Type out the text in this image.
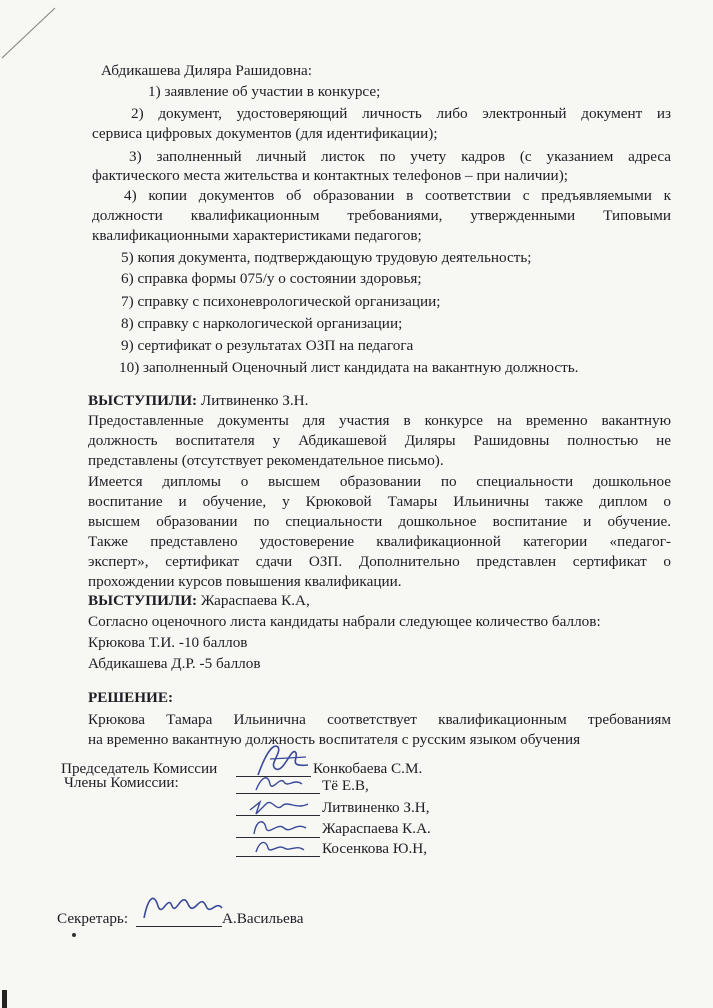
Абдикашева Диляра Рашидовна:
1) заявление об участии в конкурсе;
2) документ, удостоверяющий личность либо электронный документ из
сервиса цифровых документов (для идентификации);
3) заполненный личный листок по учету кадров (с указанием адреса
фактического места жительства и контактных телефонов – при наличии);
4) копии документов об образовании в соответствии с предъявляемыми к
должности квалификационным требованиями, утвержденными Типовыми
квалификационными характеристиками педагогов;
5) копия документа, подтверждающую трудовую деятельность;
6) справка формы 075/у о состоянии здоровья;
7) справку с психоневрологической организации;
8) справку с наркологической организации;
9) сертификат о результатах ОЗП на педагога
10) заполненный Оценочный лист кандидата на вакантную должность.
ВЫСТУПИЛИ: Литвиненко З.Н.
Предоставленные документы для участия в конкурсе на временно вакантную
должность воспитателя у Абдикашевой Диляры Рашидовны полностью не
представлены (отсутствует рекомендательное письмо).
Имеется дипломы о высшем образовании по специальности дошкольное
воспитание и обучение, у Крюковой Тамары Ильиничны также диплом о
высшем образовании по специальности дошкольное воспитание и обучение.
Также представлено удостоверение квалификационной категории «педагог-
эксперт», сертификат сдачи ОЗП. Дополнительно представлен сертификат о
прохождении курсов повышения квалификации.
ВЫСТУПИЛИ: Жараспаева К.А,
Согласно оценочного листа кандидаты набрали следующее количество баллов:
Крюкова Т.И. -10 баллов
Абдикашева Д.Р. -5 баллов
РЕШЕНИЕ:
Крюкова Тамара Ильинична соответствует квалификационным требованиям
на временно вакантную должность воспитателя с русским языком обучения
Председатель Комиссии	Конкобаева С.М.
Члены Комиссии:	Тё Е.В,
Литвиненко З.Н,
Жараспаева К.А.
Косенкова Ю.Н,
Секретарь:	А.Васильева
